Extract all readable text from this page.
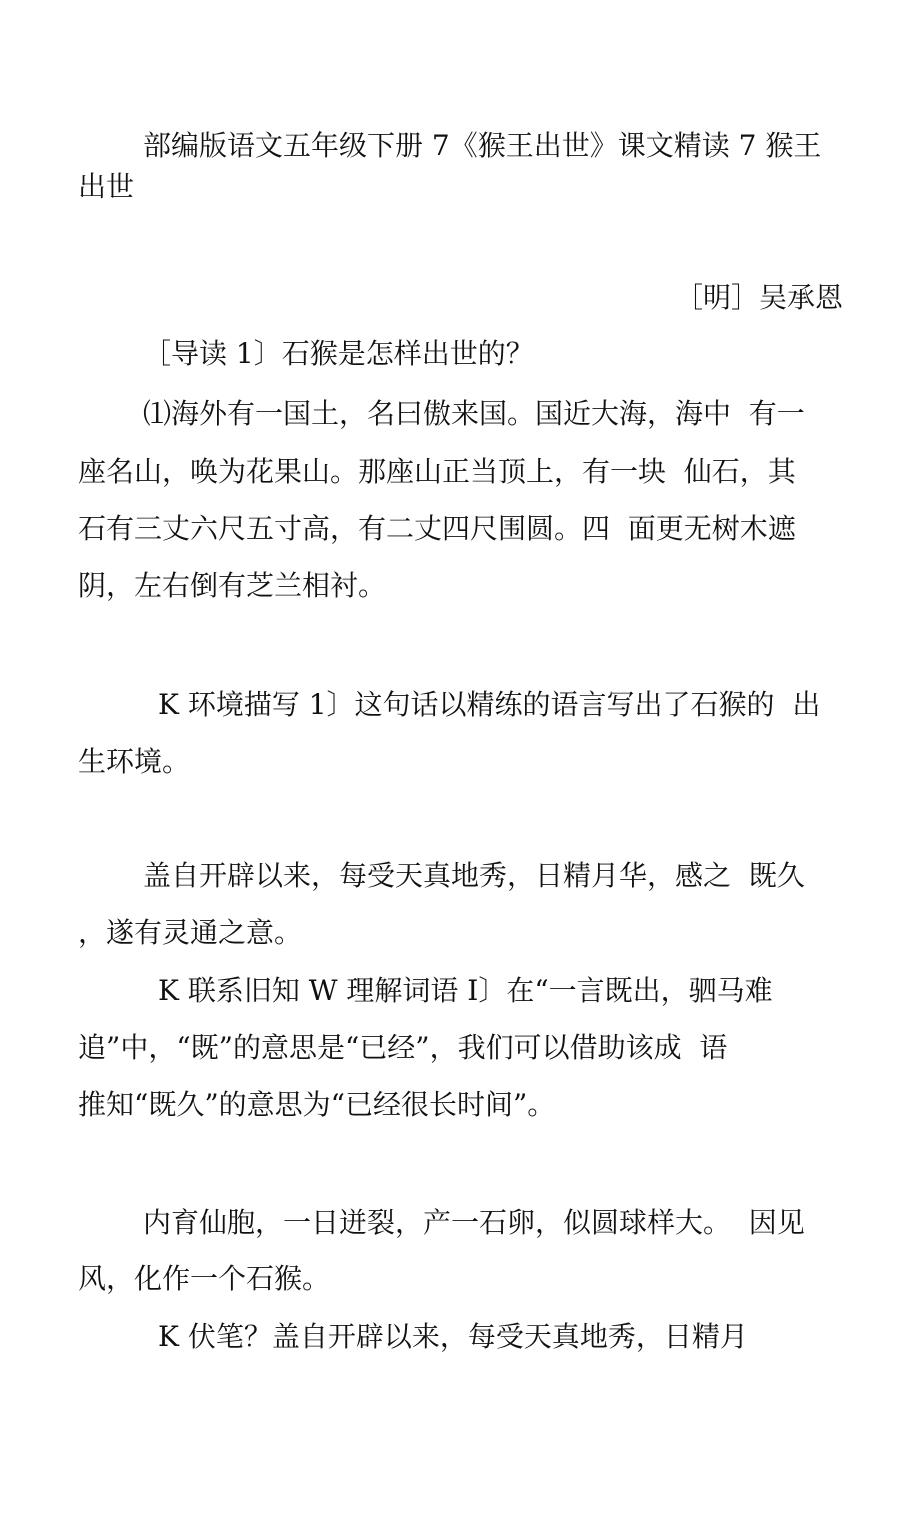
部编版语文五年级下册 7《猴王出世》课文精读 7 猴王

出世

［明］吴承恩

［导读 1〕石猴是怎样出世的？

⑴海外有一国土，名曰傲来国。国近大海，海中  有一

座名山，唤为花果山。那座山正当顶上，有一块  仙石，其

石有三丈六尺五寸高，有二丈四尺围圆。四  面更无树木遮

阴，左右倒有芝兰相衬。

K 环境描写 1〕这句话以精练的语言写出了石猴的  出

生环境。

盖自开辟以来，每受天真地秀，日精月华，感之  既久

，遂有灵通之意。

K 联系旧知 W 理解词语 I〕在“一言既出，驷马难

追”中，“既”的意思是“已经”，我们可以借助该成  语

推知“既久”的意思为“已经很长时间”。

内育仙胞，一日迸裂，产一石卵，似圆球样大。  因见

风，化作一个石猴。

K 伏笔？盖自开辟以来，每受天真地秀，日精月
